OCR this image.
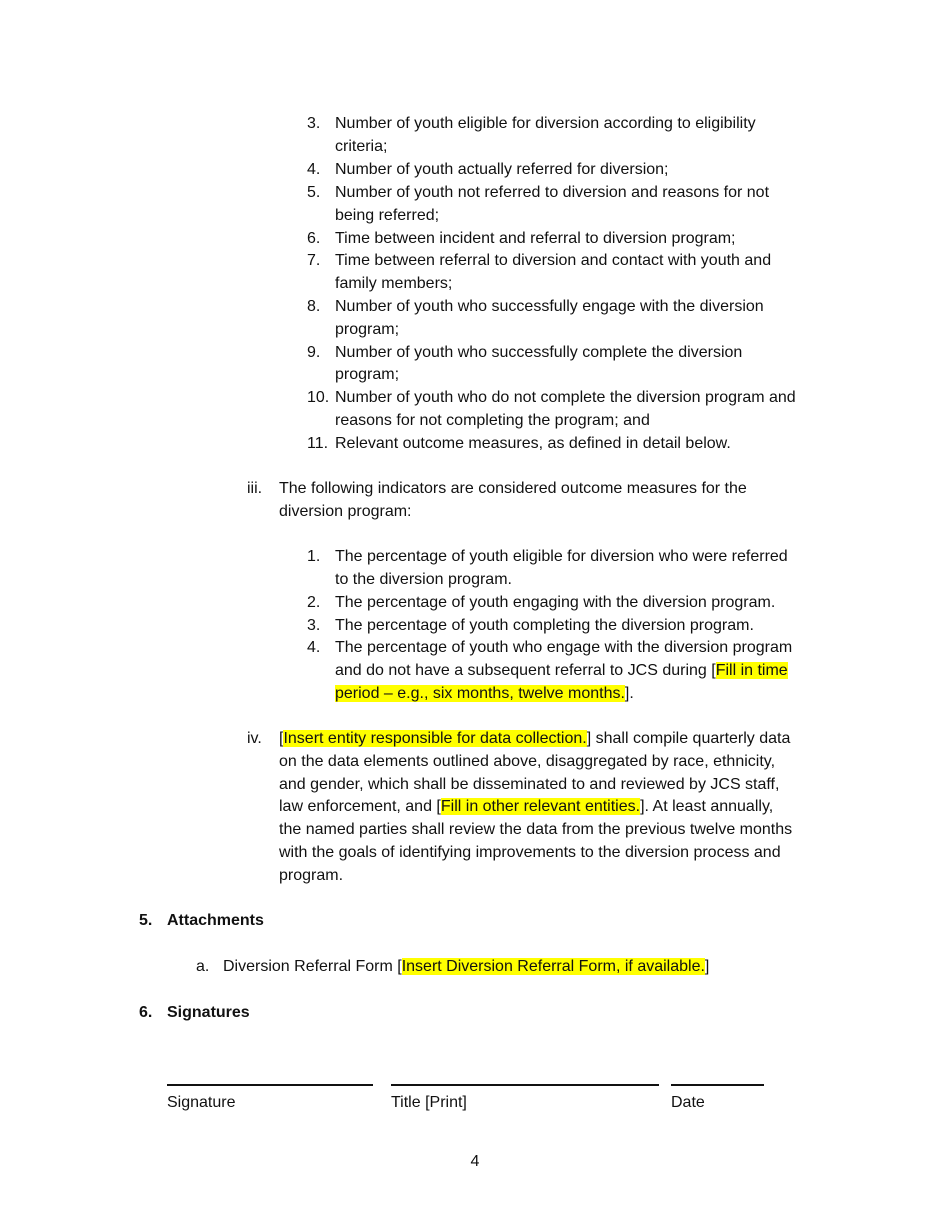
3. Number of youth eligible for diversion according to eligibility
criteria;
4. Number of youth actually referred for diversion;
5. Number of youth not referred to diversion and reasons for not
being referred;
6. Time between incident and referral to diversion program;
7. Time between referral to diversion and contact with youth and
family members;
8. Number of youth who successfully engage with the diversion
program;
9. Number of youth who successfully complete the diversion
program;
10. Number of youth who do not complete the diversion program and
reasons for not completing the program; and
11. Relevant outcome measures, as defined in detail below.
iii. The following indicators are considered outcome measures for the
diversion program:
1. The percentage of youth eligible for diversion who were referred
to the diversion program.
2. The percentage of youth engaging with the diversion program.
3. The percentage of youth completing the diversion program.
4. The percentage of youth who engage with the diversion program
and do not have a subsequent referral to JCS during [Fill in time
period – e.g., six months, twelve months.].
iv. [Insert entity responsible for data collection.] shall compile quarterly data
on the data elements outlined above, disaggregated by race, ethnicity,
and gender, which shall be disseminated to and reviewed by JCS staff,
law enforcement, and [Fill in other relevant entities.]. At least annually,
the named parties shall review the data from the previous twelve months
with the goals of identifying improvements to the diversion process and
program.
5. Attachments
a. Diversion Referral Form [Insert Diversion Referral Form, if available.]
6. Signatures
Signature	Title [Print]	Date
4
